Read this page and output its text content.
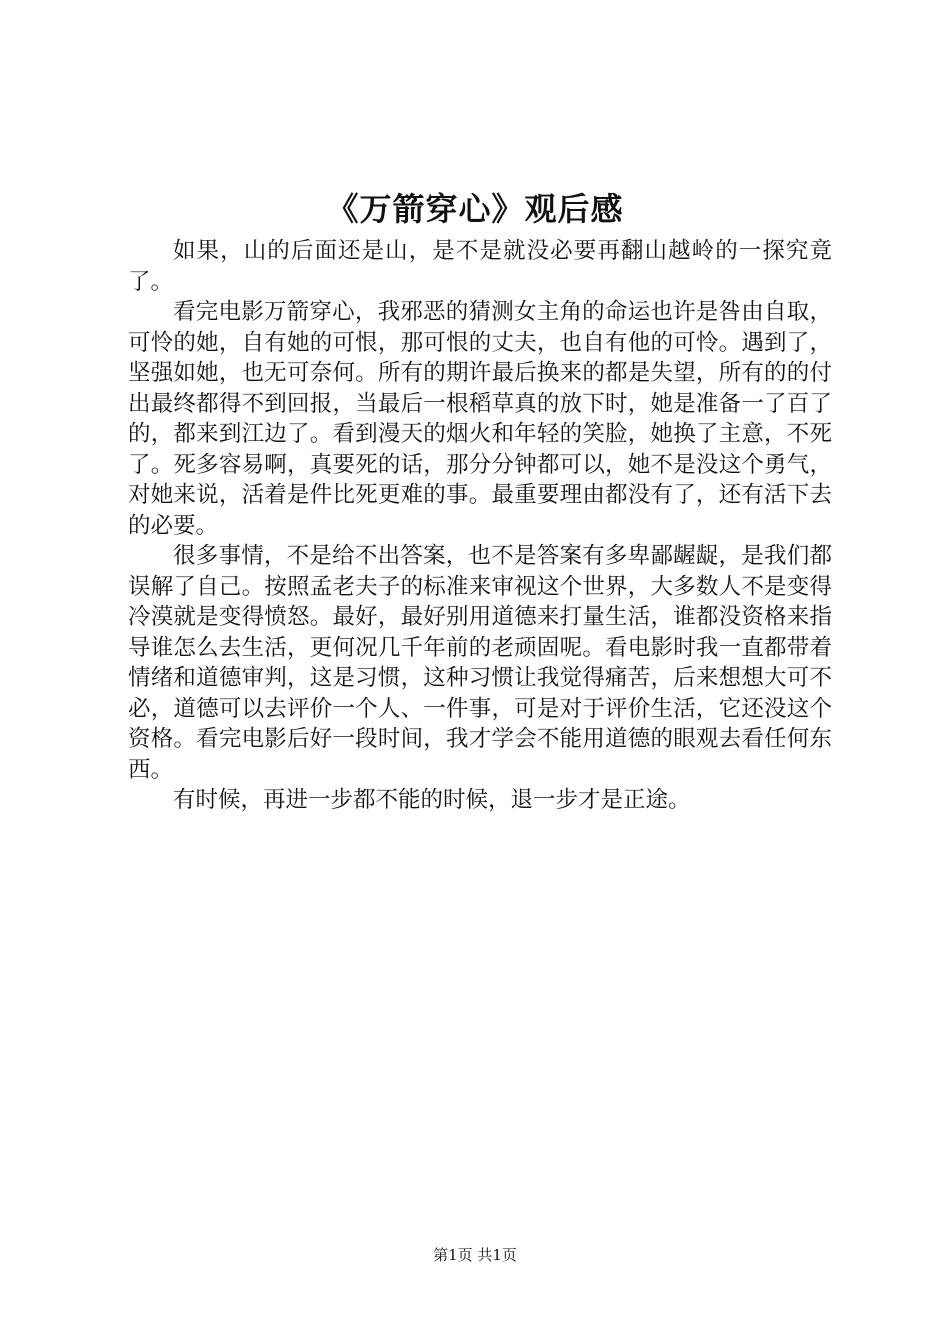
《万箭穿心》观后感

如果，山的后面还是山，是不是就没必要再翻山越岭的一探究竟了。

看完电影万箭穿心，我邪恶的猜测女主角的命运也许是咎由自取，可怜的她，自有她的可恨，那可恨的丈夫，也自有他的可怜。遇到了，坚强如她，也无可奈何。所有的期许最后换来的都是失望，所有的的付出最终都得不到回报，当最后一根稻草真的放下时，她是准备一了百了的，都来到江边了。看到漫天的烟火和年轻的笑脸，她换了主意，不死了。死多容易啊，真要死的话，那分分钟都可以，她不是没这个勇气，对她来说，活着是件比死更难的事。最重要理由都没有了，还有活下去的必要。

很多事情，不是给不出答案，也不是答案有多卑鄙龌龊，是我们都误解了自己。按照孟老夫子的标准来审视这个世界，大多数人不是变得冷漠就是变得愤怒。最好，最好别用道德来打量生活，谁都没资格来指导谁怎么去生活，更何况几千年前的老顽固呢。看电影时我一直都带着情绪和道德审判，这是习惯，这种习惯让我觉得痛苦，后来想想大可不必，道德可以去评价一个人、一件事，可是对于评价生活，它还没这个资格。看完电影后好一段时间，我才学会不能用道德的眼观去看任何东西。

有时候，再进一步都不能的时候，退一步才是正途。

第1页 共1页
